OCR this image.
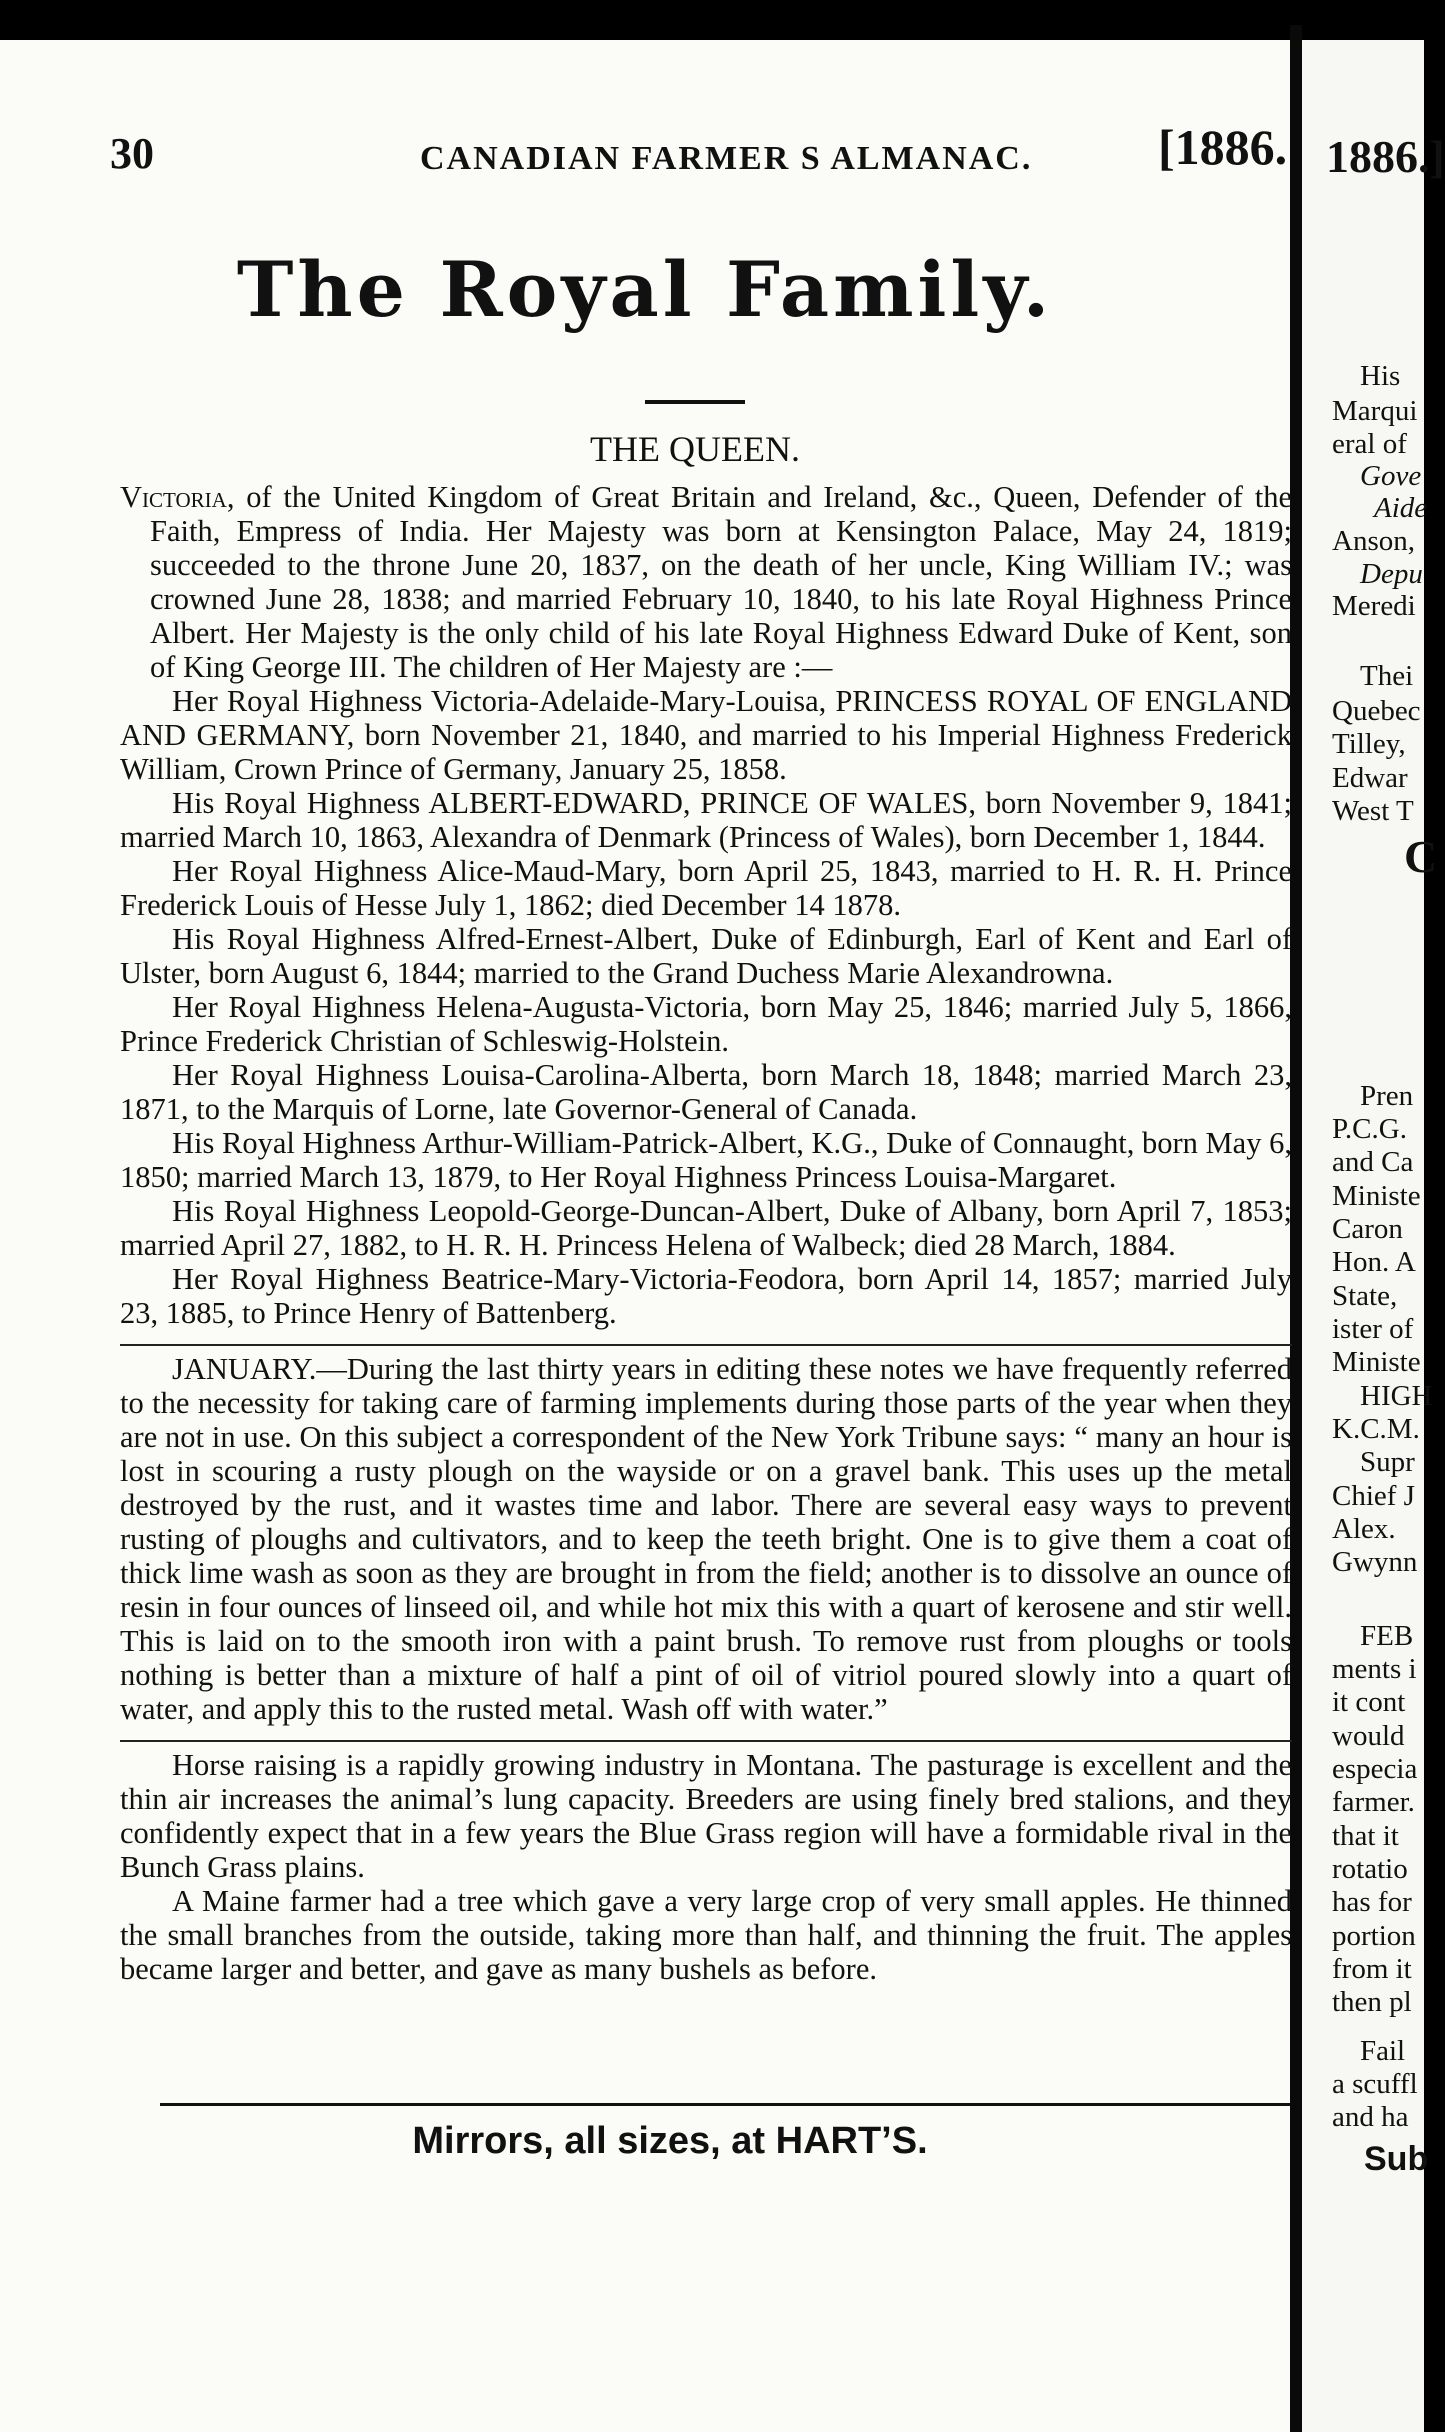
30	CANADIAN FARMER S ALMANAC.	[1886.
The Royal Family.
THE QUEEN.

Victoria, of the United Kingdom of Great Britain and Ireland, &c., Queen, Defender of the Faith, Empress of India. Her Majesty was born at Kensington Palace, May 24, 1819; succeeded to the throne June 20, 1837, on the death of her uncle, King William IV.; was crowned June 28, 1838; and married February 10, 1840, to his late Royal Highness Prince Albert. Her Majesty is the only child of his late Royal Highness Edward Duke of Kent, son of King George III. The children of Her Majesty are :—

Her Royal Highness Victoria-Adelaide-Mary-Louisa, PRINCESS ROYAL OF ENGLAND AND GERMANY, born November 21, 1840, and married to his Imperial Highness Frederick William, Crown Prince of Germany, January 25, 1858.

His Royal Highness ALBERT-EDWARD, PRINCE OF WALES, born November 9, 1841; married March 10, 1863, Alexandra of Denmark (Princess of Wales), born December 1, 1844.

Her Royal Highness Alice-Maud-Mary, born April 25, 1843, married to H. R. H. Prince Frederick Louis of Hesse July 1, 1862; died December 14 1878.

His Royal Highness Alfred-Ernest-Albert, Duke of Edinburgh, Earl of Kent and Earl of Ulster, born August 6, 1844; married to the Grand Duchess Marie Alexandrowna.

Her Royal Highness Helena-Augusta-Victoria, born May 25, 1846; married July 5, 1866, Prince Frederick Christian of Schleswig-Holstein.

Her Royal Highness Louisa-Carolina-Alberta, born March 18, 1848; married March 23, 1871, to the Marquis of Lorne, late Governor-General of Canada.

His Royal Highness Arthur-William-Patrick-Albert, K.G., Duke of Connaught, born May 6, 1850; married March 13, 1879, to Her Royal Highness Princess Louisa-Margaret.

His Royal Highness Leopold-George-Duncan-Albert, Duke of Albany, born April 7, 1853; married April 27, 1882, to H. R. H. Princess Helena of Walbeck; died 28 March, 1884.

Her Royal Highness Beatrice-Mary-Victoria-Feodora, born April 14, 1857; married July 23, 1885, to Prince Henry of Battenberg.

JANUARY.—During the last thirty years in editing these notes we have frequently referred to the necessity for taking care of farming implements during those parts of the year when they are not in use. On this subject a correspondent of the New York Tribune says: “ many an hour is lost in scouring a rusty plough on the wayside or on a gravel bank. This uses up the metal destroyed by the rust, and it wastes time and labor. There are several easy ways to prevent rusting of ploughs and cultivators, and to keep the teeth bright. One is to give them a coat of thick lime wash as soon as they are brought in from the field; another is to dissolve an ounce of resin in four ounces of linseed oil, and while hot mix this with a quart of kerosene and stir well. This is laid on to the smooth iron with a paint brush. To remove rust from ploughs or tools nothing is better than a mixture of half a pint of oil of vitriol poured slowly into a quart of water, and apply this to the rusted metal. Wash off with water.”

Horse raising is a rapidly growing industry in Montana. The pasturage is excellent and the thin air increases the animal’s lung capacity. Breeders are using finely bred stalions, and they confidently expect that in a few years the Blue Grass region will have a formidable rival in the Bunch Grass plains.

A Maine farmer had a tree which gave a very large crop of very small apples. He thinned the small branches from the outside, taking more than half, and thinning the fruit. The apples became larger and better, and gave as many bushels as before.

Mirrors, all sizes, at HART’S.
1886.]
His
Marqui
eral of
Gove
Aide
Anson,
Depu
Meredi
Thei
Quebec
Tilley,
Edwar
West T
C
Pren
P.C.G.
and Ca
Ministe
Caron
Hon. A
State,
ister of
Ministe
HIGH
K.C.M.
Supr
Chief J
Alex.
Gwynn
FEB
ments i
it cont
would
especia
farmer.
that it
rotatio
has for
portion
from it
then pl
Fail
a scuffl
and ha
Sub
